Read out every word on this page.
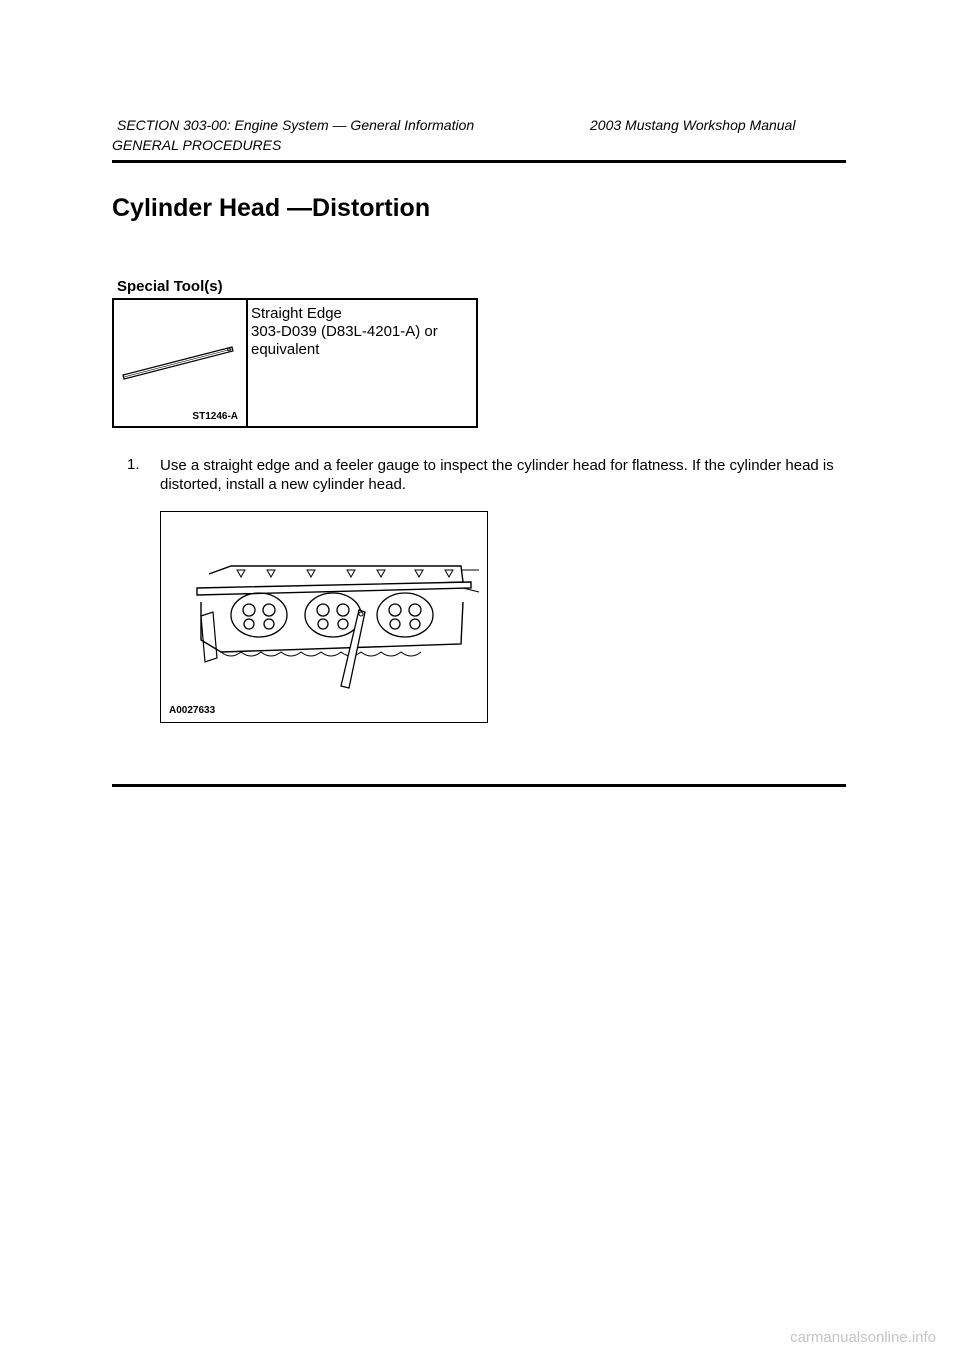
SECTION 303-00: Engine System — General Information	2003 Mustang Workshop Manual
GENERAL PROCEDURES
Cylinder Head —Distortion
Special Tool(s)
ST1246-A
Straight Edge
303-D039 (D83L-4201-A) or
equivalent
1. Use a straight edge and a feeler gauge to inspect the cylinder head for flatness. If the cylinder head is distorted, install a new cylinder head.
A0027633
carmanualsonline.info
